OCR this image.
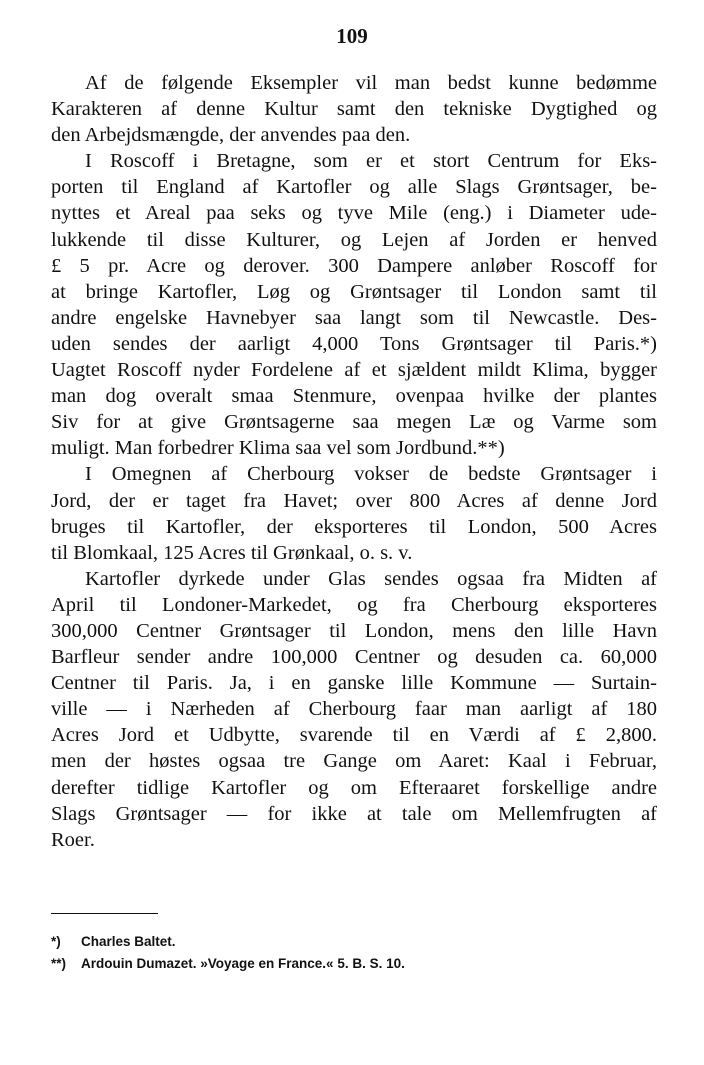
109
Af de følgende Eksempler vil man bedst kunne bedømme
Karakteren af denne Kultur samt den tekniske Dygtighed og
den Arbejdsmængde, der anvendes paa den.
I Roscoff i Bretagne, som er et stort Centrum for Eks-
porten til England af Kartofler og alle Slags Grøntsager, be-
nyttes et Areal paa seks og tyve Mile (eng.) i Diameter ude-
lukkende til disse Kulturer, og Lejen af Jorden er henved
£ 5 pr. Acre og derover. 300 Dampere anløber Roscoff for
at bringe Kartofler, Løg og Grøntsager til London samt til
andre engelske Havnebyer saa langt som til Newcastle. Des-
uden sendes der aarligt 4,000 Tons Grøntsager til Paris.*)
Uagtet Roscoff nyder Fordelene af et sjældent mildt Klima, bygger
man dog overalt smaa Stenmure, ovenpaa hvilke der plantes
Siv for at give Grøntsagerne saa megen Læ og Varme som
muligt. Man forbedrer Klima saa vel som Jordbund.**)
I Omegnen af Cherbourg vokser de bedste Grøntsager i
Jord, der er taget fra Havet; over 800 Acres af denne Jord
bruges til Kartofler, der eksporteres til London, 500 Acres
til Blomkaal, 125 Acres til Grønkaal, o. s. v.
Kartofler dyrkede under Glas sendes ogsaa fra Midten af
April til Londoner-Markedet, og fra Cherbourg eksporteres
300,000 Centner Grøntsager til London, mens den lille Havn
Barfleur sender andre 100,000 Centner og desuden ca. 60,000
Centner til Paris. Ja, i en ganske lille Kommune — Surtain-
ville — i Nærheden af Cherbourg faar man aarligt af 180
Acres Jord et Udbytte, svarende til en Værdi af £ 2,800.
men der høstes ogsaa tre Gange om Aaret: Kaal i Februar,
derefter tidlige Kartofler og om Efteraaret forskellige andre
Slags Grøntsager — for ikke at tale om Mellemfrugten af
Roer.
*) Charles Baltet.
**) Ardouin Dumazet. »Voyage en France.« 5. B. S. 10.
